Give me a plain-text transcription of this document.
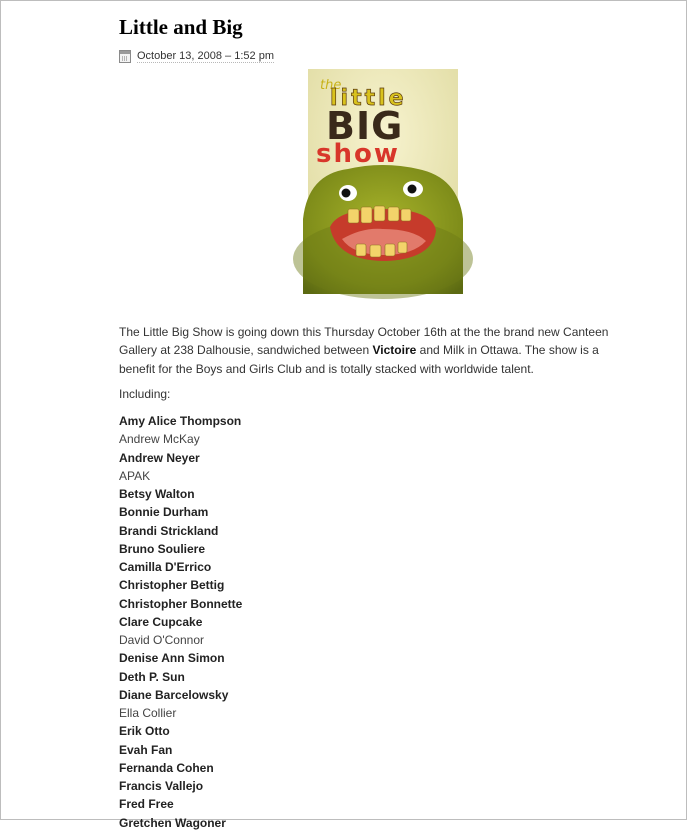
Little and Big
October 13, 2008 – 1:52 pm
the
little
BIG
show

The Little Big Show is going down this Thursday October 16th at the the brand new Canteen Gallery at 238 Dalhousie, sandwiched between Victoire and Milk in Ottawa. The show is a benefit for the Boys and Girls Club and is totally stacked with worldwide talent.

Including:

Amy Alice Thompson
Andrew McKay
Andrew Neyer
APAK
Betsy Walton
Bonnie Durham
Brandi Strickland
Bruno Souliere
Camilla D'Errico
Christopher Bettig
Christopher Bonnette
Clare Cupcake
David O'Connor
Denise Ann Simon
Deth P. Sun
Diane Barcelowsky
Ella Collier
Erik Otto
Evah Fan
Fernanda Cohen
Francis Vallejo
Fred Free
Gretchen Wagoner
